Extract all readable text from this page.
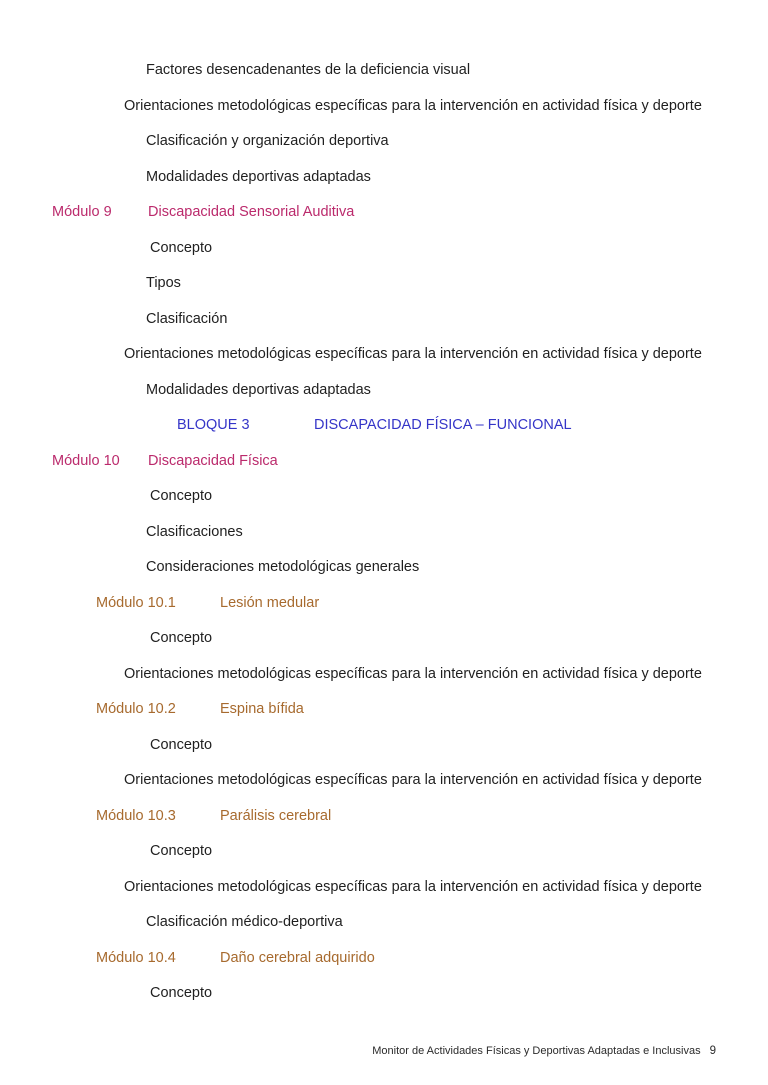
Factores desencadenantes de la deficiencia visual
Orientaciones metodológicas específicas para la intervención en actividad física y deporte
Clasificación y organización deportiva
Modalidades deportivas adaptadas
Módulo 9	Discapacidad Sensorial Auditiva
Concepto
Tipos
Clasificación
Orientaciones metodológicas específicas para la intervención en actividad física y deporte
Modalidades deportivas adaptadas
BLOQUE 3	DISCAPACIDAD FÍSICA – FUNCIONAL
Módulo 10	Discapacidad Física
Concepto
Clasificaciones
Consideraciones metodológicas generales
Módulo 10.1	Lesión medular
Concepto
Orientaciones metodológicas específicas para la intervención en actividad física y deporte
Módulo 10.2	Espina bífida
Concepto
Orientaciones metodológicas específicas para la intervención en actividad física y deporte
Módulo 10.3	Parálisis cerebral
Concepto
Orientaciones metodológicas específicas para la intervención en actividad física y deporte
Clasificación médico-deportiva
Módulo 10.4	Daño cerebral adquirido
Concepto
Monitor de Actividades Físicas y Deportivas Adaptadas e Inclusivas 9
